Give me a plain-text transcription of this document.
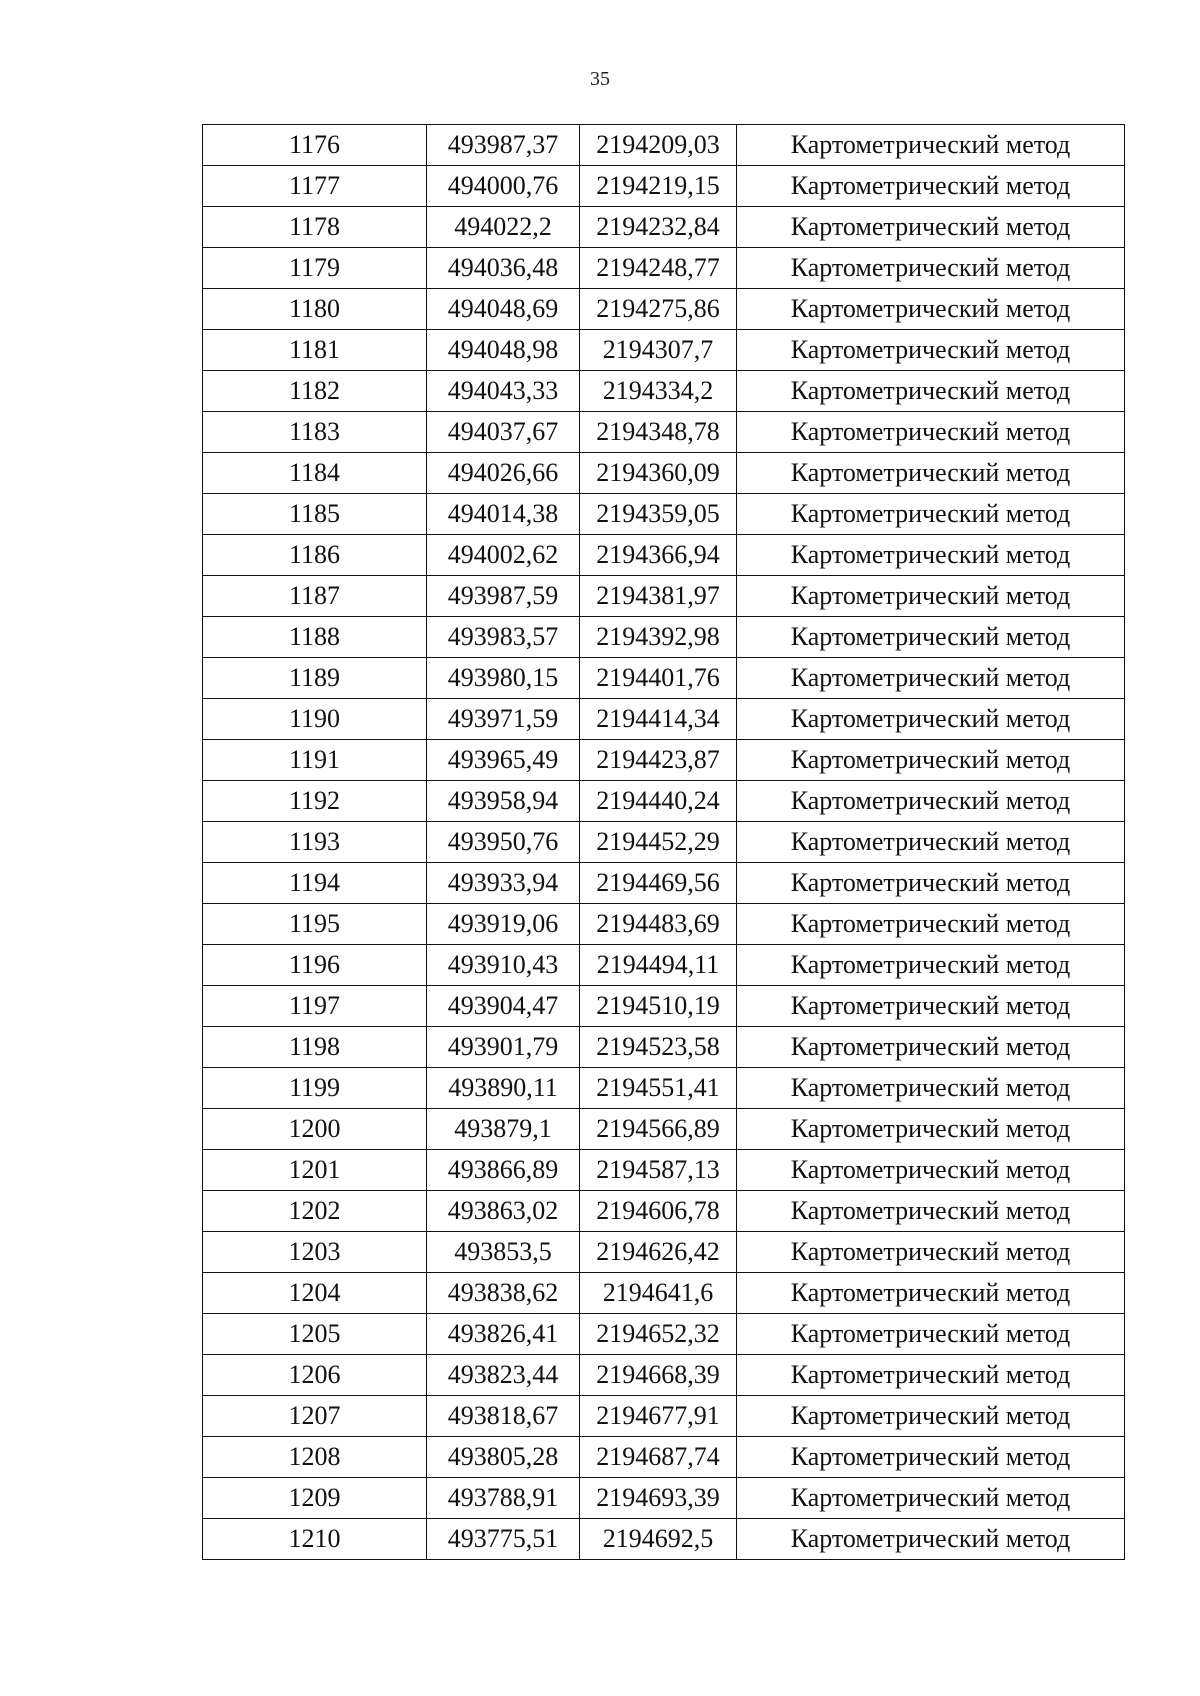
35
1176	493987,37	2194209,03	Картометрический метод
1177	494000,76	2194219,15	Картометрический метод
1178	494022,2	2194232,84	Картометрический метод
1179	494036,48	2194248,77	Картометрический метод
1180	494048,69	2194275,86	Картометрический метод
1181	494048,98	2194307,7	Картометрический метод
1182	494043,33	2194334,2	Картометрический метод
1183	494037,67	2194348,78	Картометрический метод
1184	494026,66	2194360,09	Картометрический метод
1185	494014,38	2194359,05	Картометрический метод
1186	494002,62	2194366,94	Картометрический метод
1187	493987,59	2194381,97	Картометрический метод
1188	493983,57	2194392,98	Картометрический метод
1189	493980,15	2194401,76	Картометрический метод
1190	493971,59	2194414,34	Картометрический метод
1191	493965,49	2194423,87	Картометрический метод
1192	493958,94	2194440,24	Картометрический метод
1193	493950,76	2194452,29	Картометрический метод
1194	493933,94	2194469,56	Картометрический метод
1195	493919,06	2194483,69	Картометрический метод
1196	493910,43	2194494,11	Картометрический метод
1197	493904,47	2194510,19	Картометрический метод
1198	493901,79	2194523,58	Картометрический метод
1199	493890,11	2194551,41	Картометрический метод
1200	493879,1	2194566,89	Картометрический метод
1201	493866,89	2194587,13	Картометрический метод
1202	493863,02	2194606,78	Картометрический метод
1203	493853,5	2194626,42	Картометрический метод
1204	493838,62	2194641,6	Картометрический метод
1205	493826,41	2194652,32	Картометрический метод
1206	493823,44	2194668,39	Картометрический метод
1207	493818,67	2194677,91	Картометрический метод
1208	493805,28	2194687,74	Картометрический метод
1209	493788,91	2194693,39	Картометрический метод
1210	493775,51	2194692,5	Картометрический метод
